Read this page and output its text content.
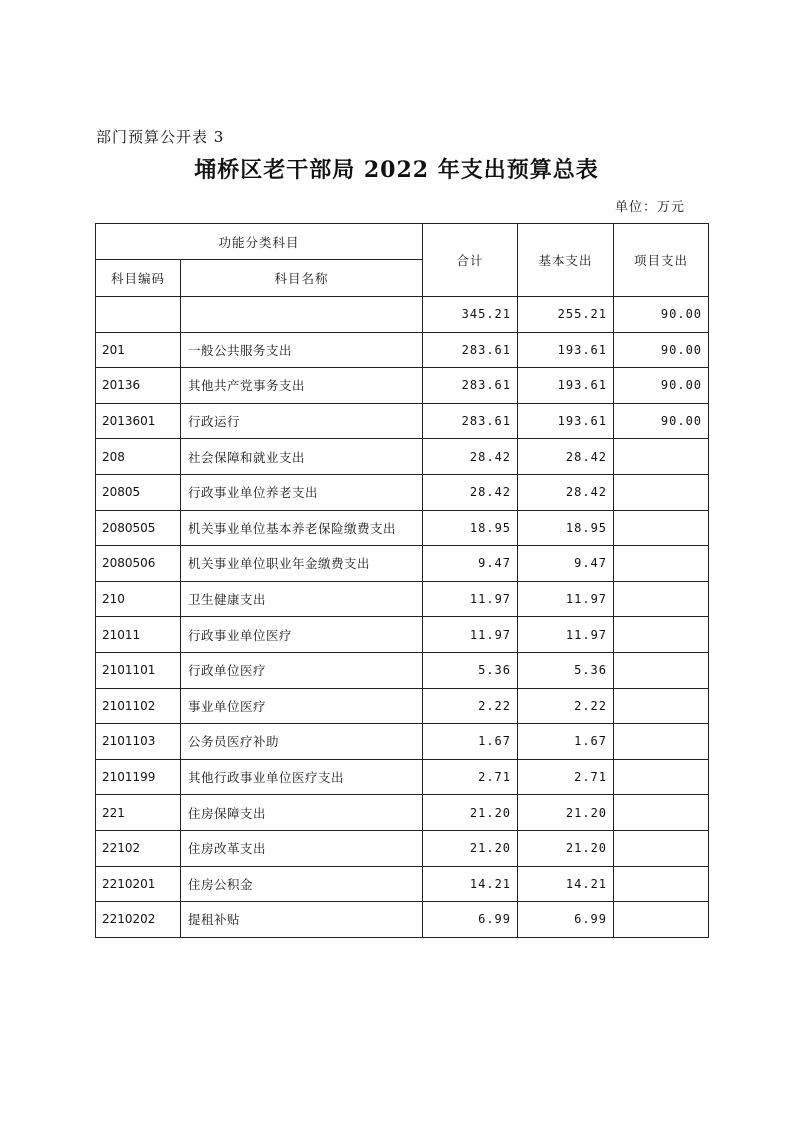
部门预算公开表 3
埇桥区老干部局 2022 年支出预算总表
单位：万元
功能分类科目		合计	基本支出	项目支出
科目编码	科目名称			
		345.21	255.21	90.00
201	一般公共服务支出	283.61	193.61	90.00
20136	其他共产党事务支出	283.61	193.61	90.00
2013601	行政运行	283.61	193.61	90.00
208	社会保障和就业支出	28.42	28.42	
20805	行政事业单位养老支出	28.42	28.42	
2080505	机关事业单位基本养老保险缴费支出	18.95	18.95	
2080506	机关事业单位职业年金缴费支出	9.47	9.47	
210	卫生健康支出	11.97	11.97	
21011	行政事业单位医疗	11.97	11.97	
2101101	行政单位医疗	5.36	5.36	
2101102	事业单位医疗	2.22	2.22	
2101103	公务员医疗补助	1.67	1.67	
2101199	其他行政事业单位医疗支出	2.71	2.71	
221	住房保障支出	21.20	21.20	
22102	住房改革支出	21.20	21.20	
2210201	住房公积金	14.21	14.21	
2210202	提租补贴	6.99	6.99	
